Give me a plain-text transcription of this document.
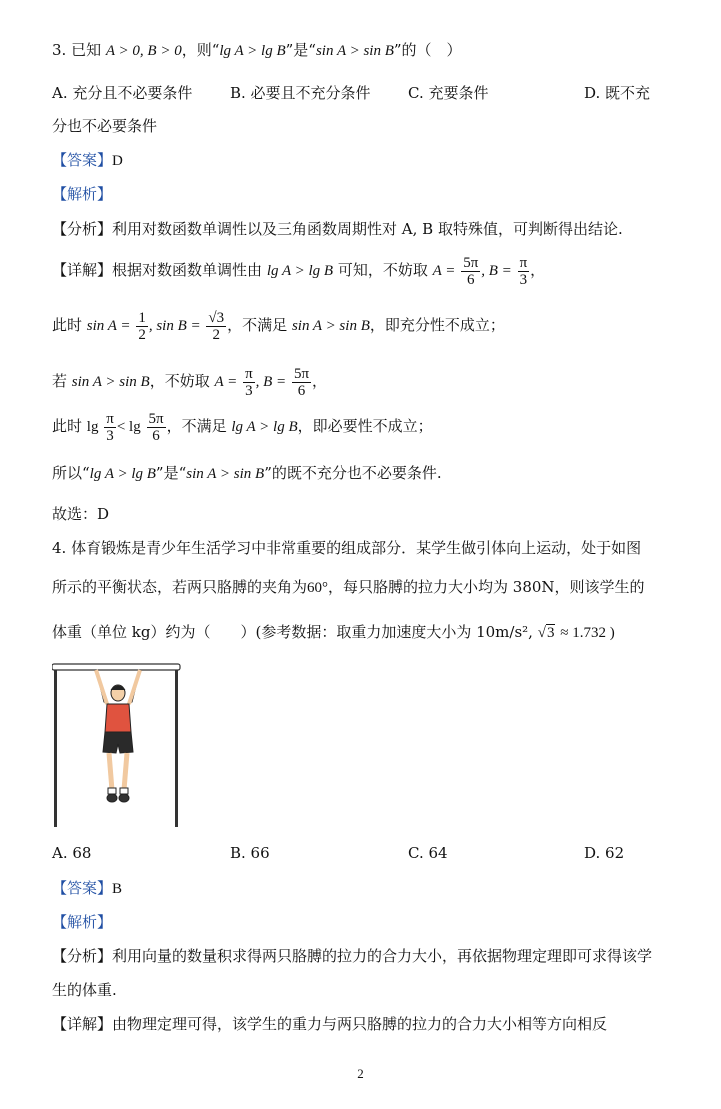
3. 已知 A > 0, B > 0，则“lg A > lg B”是“sin A > sin B”的（　）
A. 充分且不必要条件	B. 必要且不充分条件 C. 充要条件	D. 既不充
分也不必要条件
【答案】D
【解析】
【分析】利用对数函数单调性以及三角函数周期性对 A, B 取特殊值，可判断得出结论.
【详解】根据对数函数单调性由 lg A > lg B 可知，不妨取 $A = \frac{5\pi}{6}$ , $B = \frac{\pi}{3}$ ，
此时 $\sin A = \frac{1}{2}$ , $\sin B = \frac{√3}{2}$ ，不满足 sin A > sin B，即充分性不成立；
若 sin A > sin B，不妨取 $A = \frac{\pi}{3}$ , $B = \frac{5\pi}{6}$ ，
此时 $\lg \frac{\pi}{3} < \lg \frac{5\pi}{6}$ ，不满足 lg A > lg B，即必要性不成立；
所以“lg A > lg B”是“sin A > sin B”的既不充分也不必要条件.
故选：D
4. 体育锻炼是青少年生活学习中非常重要的组成部分．某学生做引体向上运动，处于如图
所示的平衡状态，若两只胳膊的夹角为60°，每只胳膊的拉力大小均为 380N，则该学生的
体重（单位 kg）约为（　　）(参考数据：取重力加速度大小为 10m/s², √3 ≈ 1.732 )
A. 68	B. 66	C. 64	D. 62
【答案】B
【解析】
【分析】利用向量的数量积求得两只胳膊的拉力的合力大小，再依据物理定理即可求得该学
生的体重.
【详解】由物理定理可得，该学生的重力与两只胳膊的拉力的合力大小相等方向相反
2
